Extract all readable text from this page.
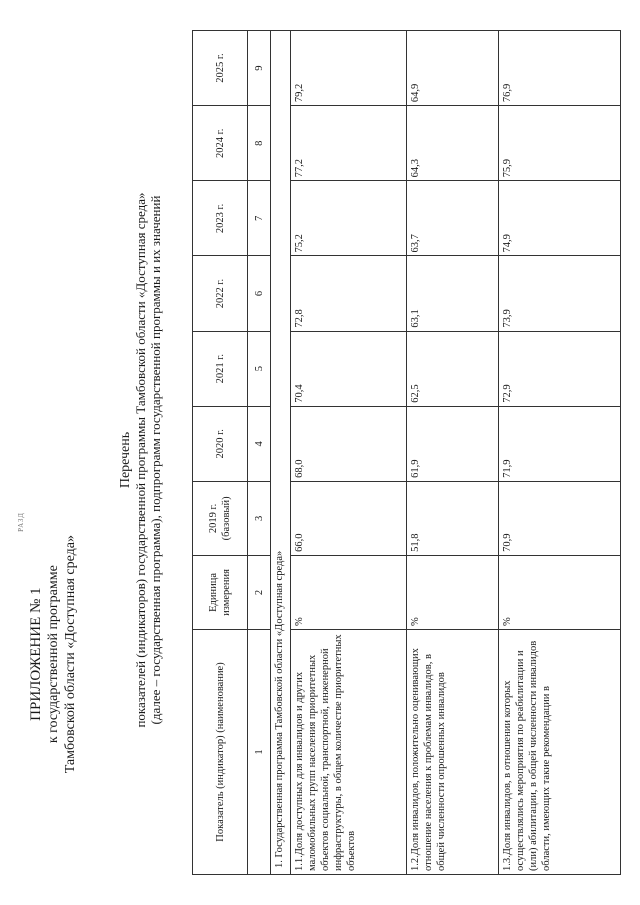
РАЗД
ПРИЛОЖЕНИЕ № 1 к государственной программе Тамбовской области «Доступная среда»
Перечень показателей (индикаторов) государственной программы Тамбовской области «Доступная среда» (далее – государственная программа), подпрограмм государственной программы и их значений
Показатель (индикатор) (наименование)	Единица измерения	2019 г. (базовый)	2020 г.	2021 г.	2022 г.	2023 г.	2024 г.	2025 г.
1	2	3	4	5	6	7	8	9
1. Государственная программа Тамбовской области «Доступная среда»								
1.1.Доля доступных для инвалидов и других маломобильных групп населения приоритетных объектов социальной, транспортной, инженерной инфраструктуры, в общем количестве приоритетных объектов	%	66,0	68,0	70,4	72,8	75,2	77,2	79,2
1.2.Доля инвалидов, положительно оценивающих отношение населения к проблемам инвалидов, в общей численности опрошенных инвалидов	%	51,8	61,9	62,5	63,1	63,7	64,3	64,9
1.3.Доля инвалидов, в отношении которых осуществлялись мероприятия по реабилитации и (или) абилитации, в общей численности инвалидов области, имеющих такие рекомендации в	%	70,9	71,9	72,9	73,9	74,9	75,9	76,9
